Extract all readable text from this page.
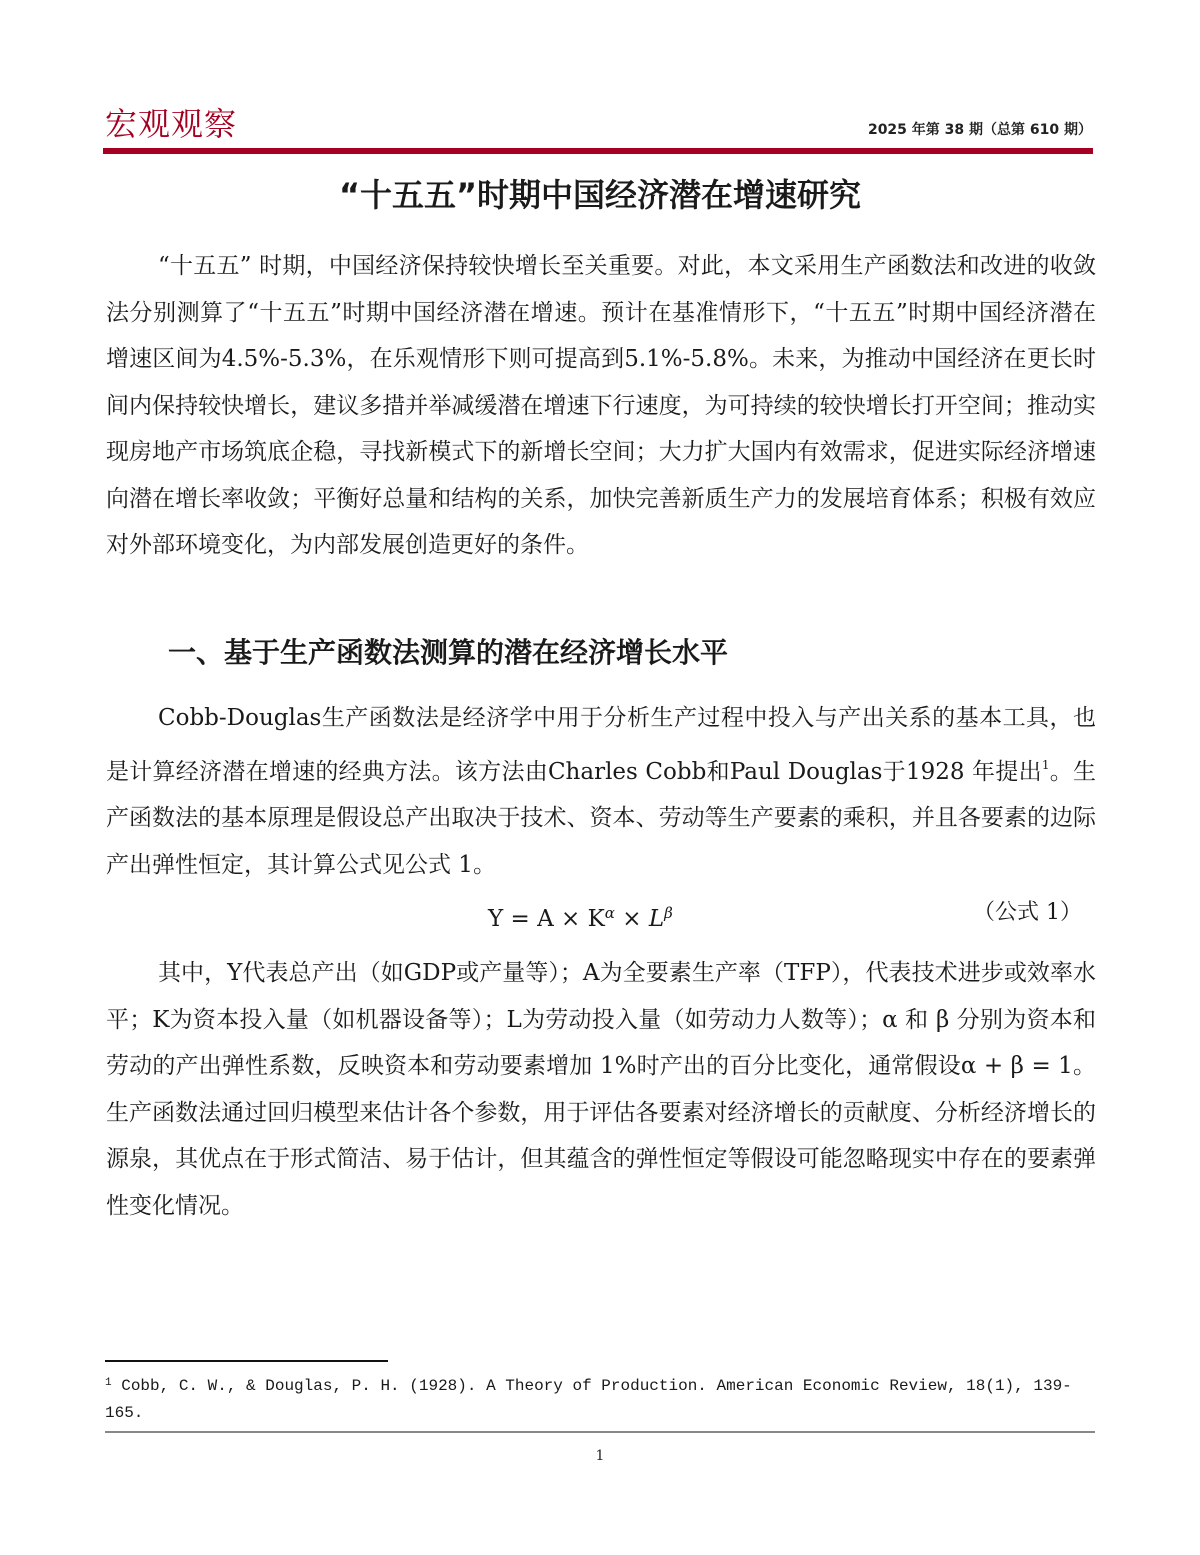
宏观观察	2025 年第 38 期（总第 610 期）
“十五五”时期中国经济潜在增速研究

“十五五” 时期，中国经济保持较快增长至关重要。对此，本文采用生产函数法和改进的收敛法分别测算了“十五五”时期中国经济潜在增速。预计在基准情形下，“十五五”时期中国经济潜在增速区间为4.5%-5.3%，在乐观情形下则可提高到5.1%-5.8%。未来，为推动中国经济在更长时间内保持较快增长，建议多措并举减缓潜在增速下行速度，为可持续的较快增长打开空间；推动实现房地产市场筑底企稳，寻找新模式下的新增长空间；大力扩大国内有效需求，促进实际经济增速向潜在增长率收敛；平衡好总量和结构的关系，加快完善新质生产力的发展培育体系；积极有效应对外部环境变化，为内部发展创造更好的条件。

一、基于生产函数法测算的潜在经济增长水平

Cobb-Douglas生产函数法是经济学中用于分析生产过程中投入与产出关系的基本工具，也是计算经济潜在增速的经典方法。该方法由Charles Cobb和Paul Douglas于1928 年提出$^1$。生产函数法的基本原理是假设总产出取决于技术、资本、劳动等生产要素的乘积，并且各要素的边际产出弹性恒定，其计算公式见公式 1。

$Y = A \times K^\alpha \times L^\beta$	（公式 1）

其中，Y代表总产出（如GDP或产量等）；A为全要素生产率（TFP），代表技术进步或效率水平；K为资本投入量（如机器设备等）；L为劳动投入量（如劳动力人数等）；α 和 β 分别为资本和劳动的产出弹性系数，反映资本和劳动要素增加 1%时产出的百分比变化，通常假设α + β = 1。生产函数法通过回归模型来估计各个参数，用于评估各要素对经济增长的贡献度、分析经济增长的源泉，其优点在于形式简洁、易于估计，但其蕴含的弹性恒定等假设可能忽略现实中存在的要素弹性变化情况。

$^1$ Cobb, C. W., & Douglas, P. H. (1928). A Theory of Production. American Economic Review, 18(1), 139-165.
1
